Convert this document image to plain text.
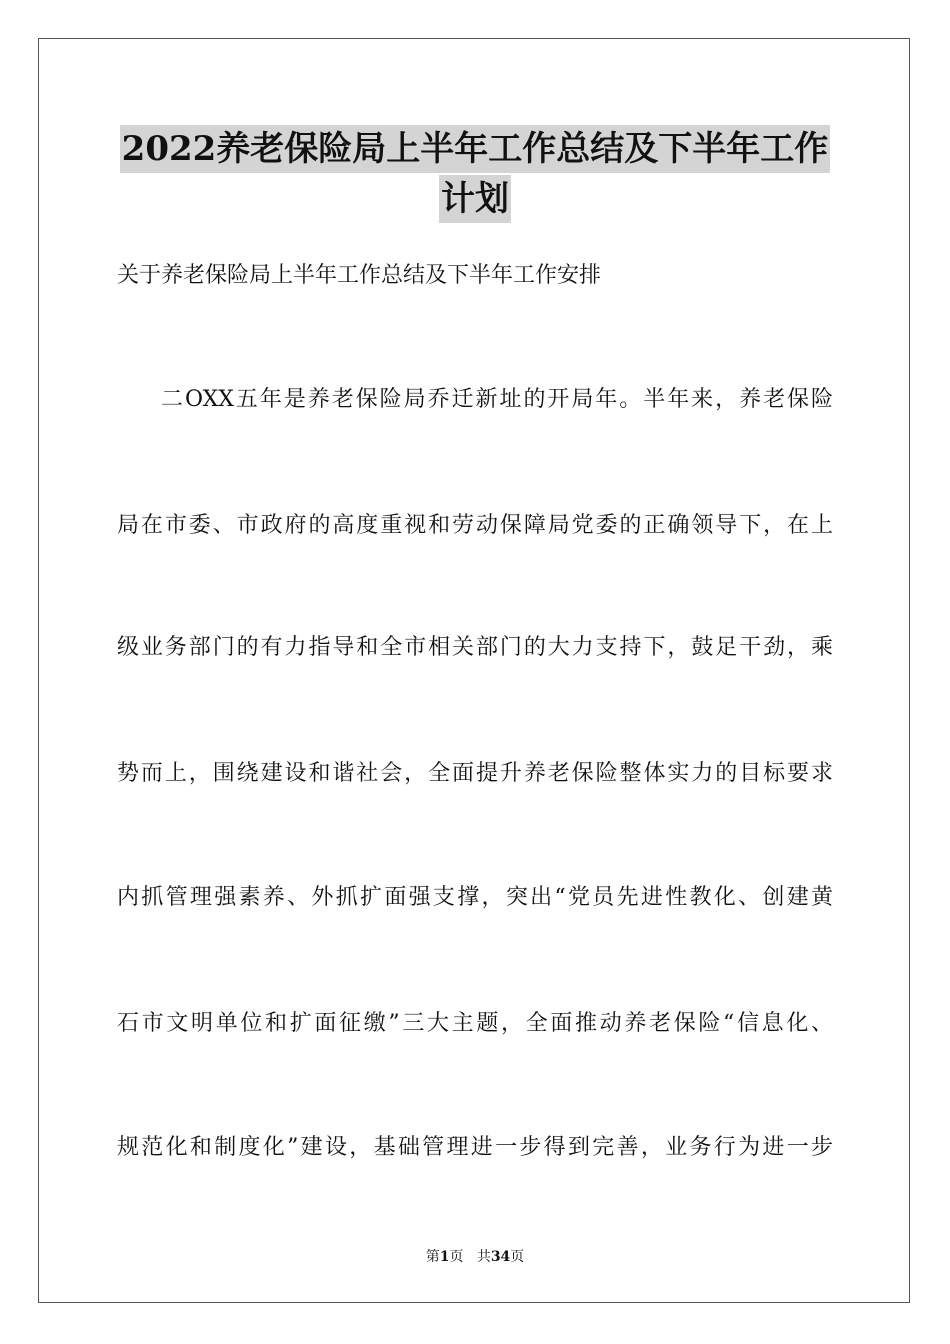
2022养老保险局上半年工作总结及下半年工作
计划
关于养老保险局上半年工作总结及下半年工作安排
二OXX五年是养老保险局乔迁新址的开局年。半年来，养老保险
局在市委、市政府的高度重视和劳动保障局党委的正确领导下，在上
级业务部门的有力指导和全市相关部门的大力支持下，鼓足干劲，乘
势而上，围绕建设和谐社会，全面提升养老保险整体实力的目标要求
内抓管理强素养、外抓扩面强支撑，突出“党员先进性教化、创建黄
石市文明单位和扩面征缴”三大主题，全面推动养老保险“信息化、
规范化和制度化”建设，基础管理进一步得到完善，业务行为进一步
第1页 共34页
